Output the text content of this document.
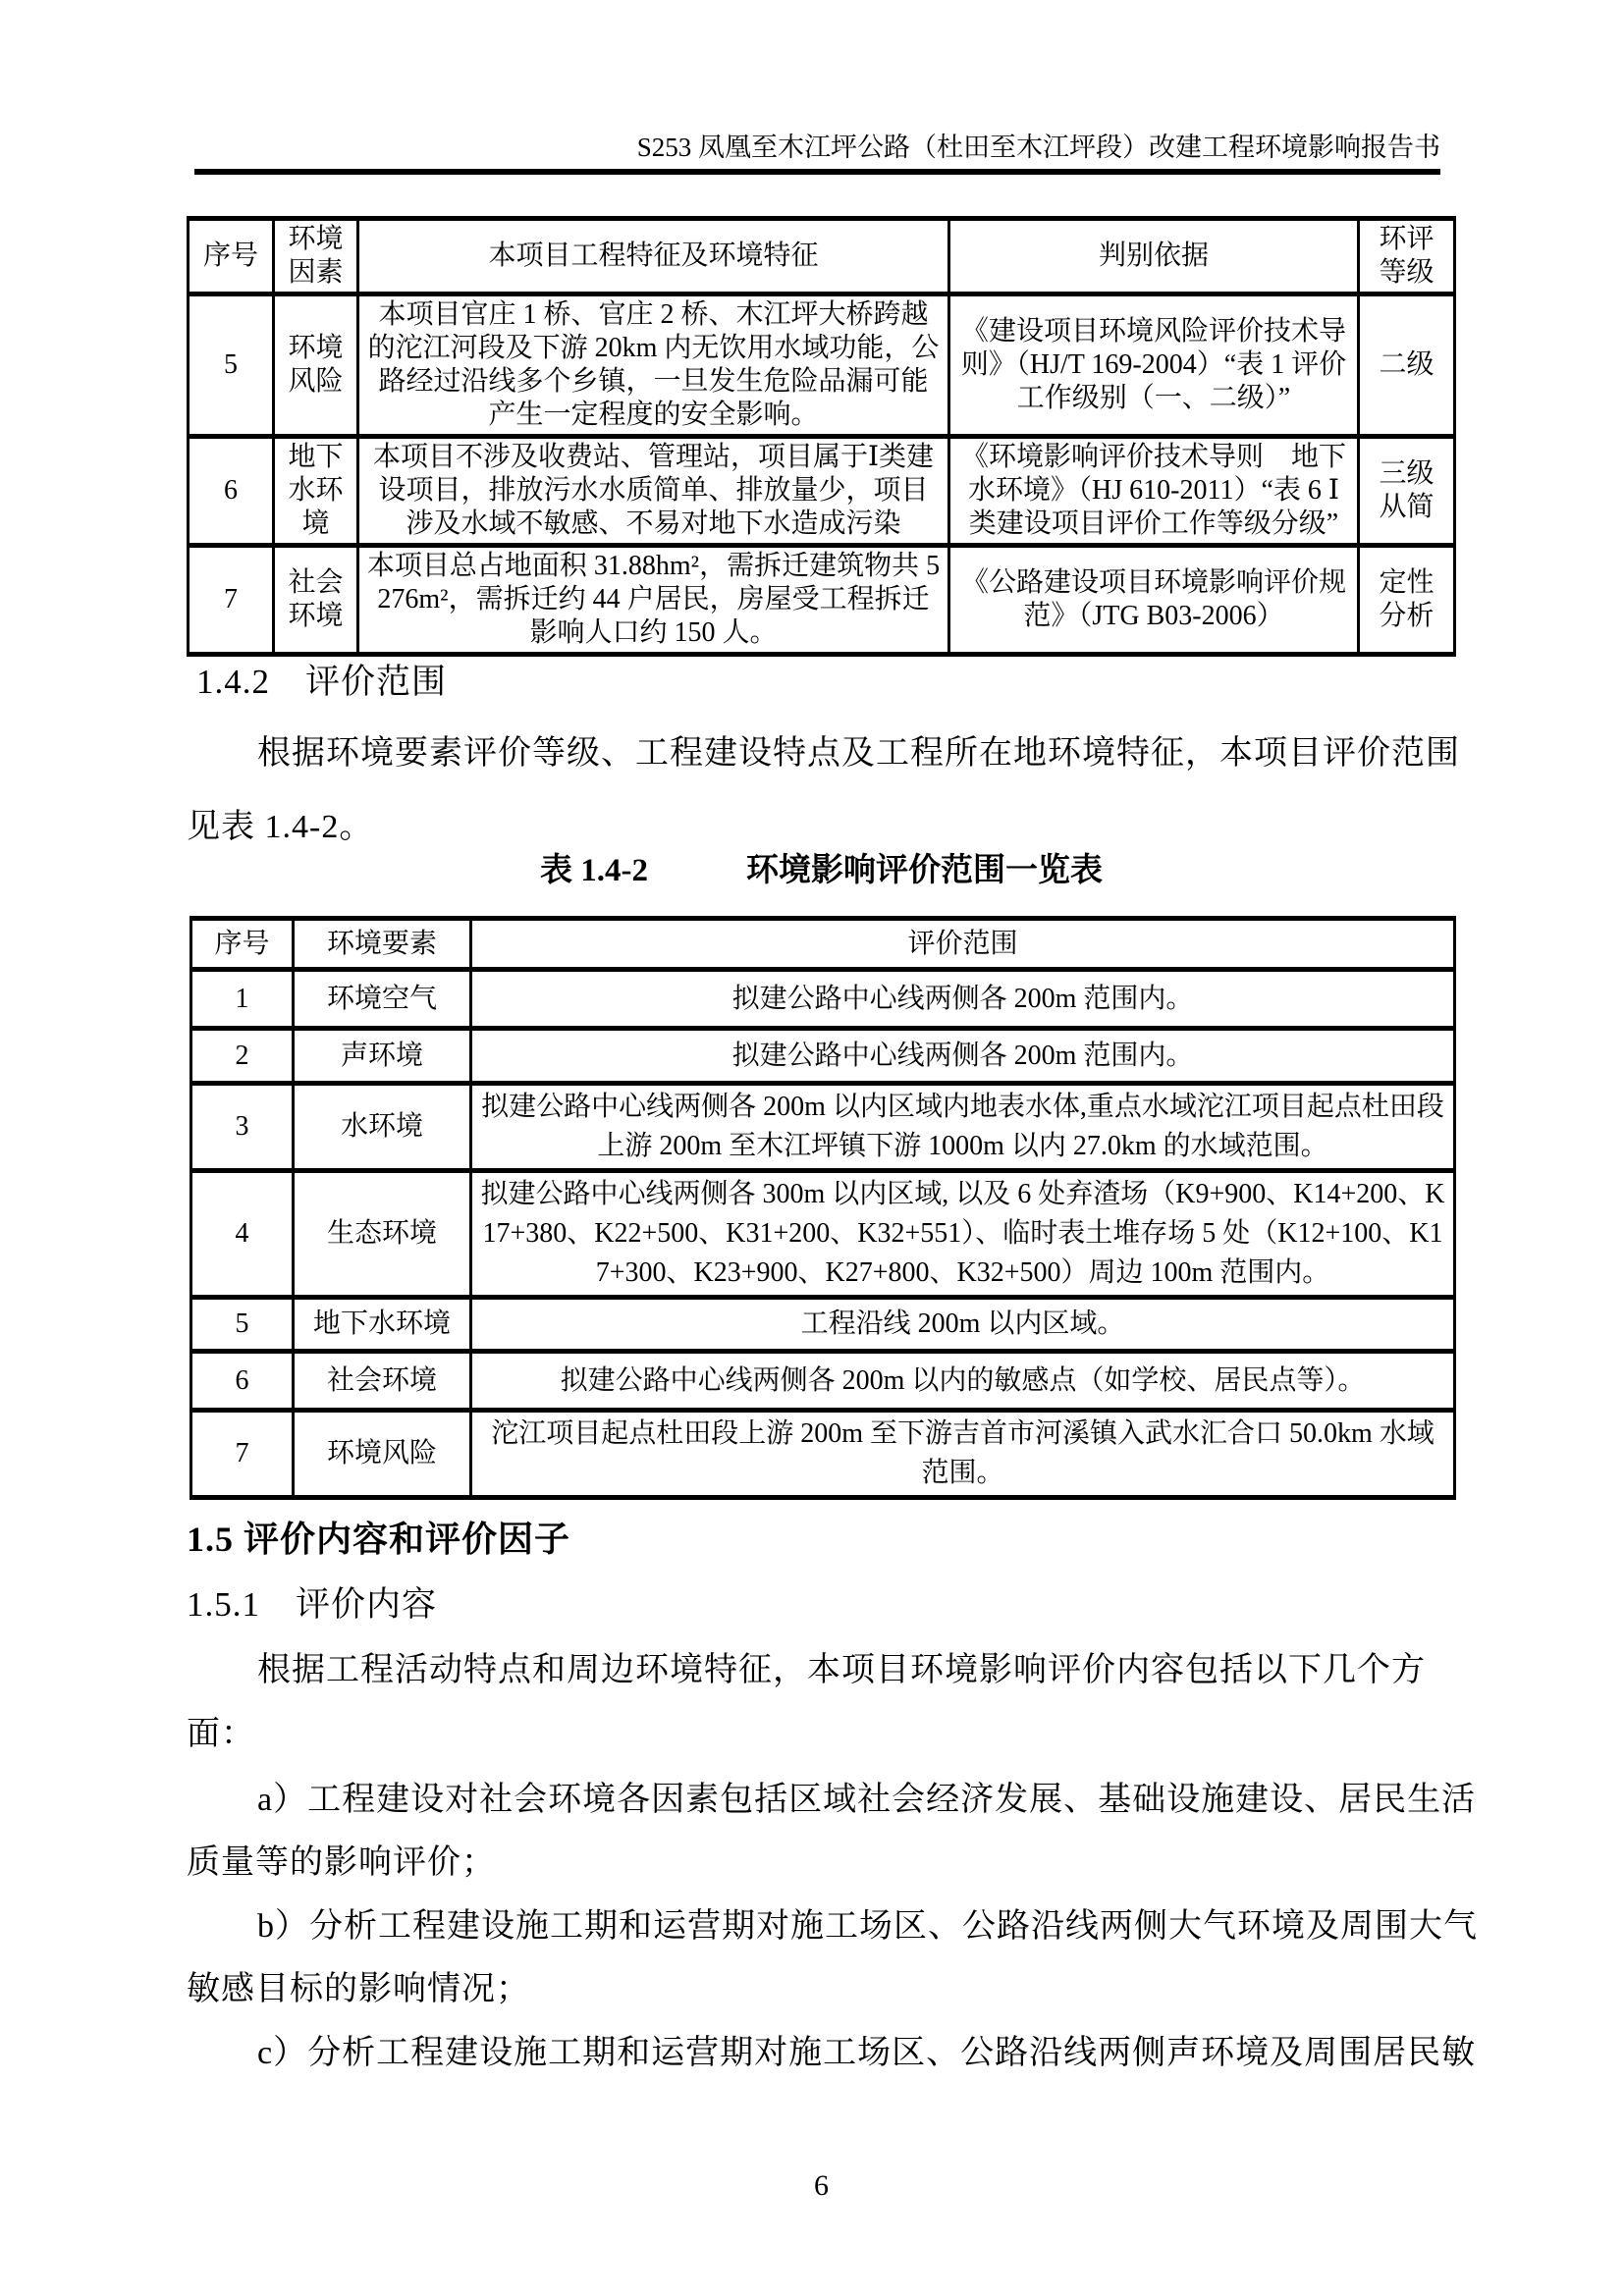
S253 凤凰至木江坪公路（杜田至木江坪段）改建工程环境影响报告书
序号	环境因素	本项目工程特征及环境特征	判别依据	环评等级
5	环境风险	本项目官庄 1 桥、官庄 2 桥、木江坪大桥跨越的沱江河段及下游 20km 内无饮用水域功能，公路经过沿线多个乡镇，一旦发生危险品漏可能产生一定程度的安全影响。	《建设项目环境风险评价技术导则》（HJ/T 169-2004）“表 1 评价工作级别（一、二级）”	二级
6	地下水环境	本项目不涉及收费站、管理站，项目属于Ⅰ类建设项目，排放污水水质简单、排放量少，项目涉及水域不敏感、不易对地下水造成污染	《环境影响评价技术导则　地下水环境》（HJ 610-2011）“表 6 Ⅰ类建设项目评价工作等级分级”	三级从简
7	社会环境	本项目总占地面积 31.88hm²，需拆迁建筑物共 5276m²，需拆迁约 44 户居民，房屋受工程拆迁影响人口约 150 人。	《公路建设项目环境影响评价规范》（JTG B03-2006）	定性分析
1.4.2　评价范围
根据环境要素评价等级、工程建设特点及工程所在地环境特征，本项目评价范围
见表 1.4-2。
表 1.4-2	环境影响评价范围一览表
序号	环境要素	评价范围
1	环境空气	拟建公路中心线两侧各 200m 范围内。
2	声环境	拟建公路中心线两侧各 200m 范围内。
3	水环境	拟建公路中心线两侧各 200m 以内区域内地表水体,重点水域沱江项目起点杜田段上游 200m 至木江坪镇下游 1000m 以内 27.0km 的水域范围。
4	生态环境	拟建公路中心线两侧各 300m 以内区域, 以及 6 处弃渣场（K9+900、K14+200、K17+380、K22+500、K31+200、K32+551）、临时表土堆存场 5 处（K12+100、K17+300、K23+900、K27+800、K32+500）周边 100m 范围内。
5	地下水环境	工程沿线 200m 以内区域。
6	社会环境	拟建公路中心线两侧各 200m 以内的敏感点（如学校、居民点等）。
7	环境风险	沱江项目起点杜田段上游 200m 至下游吉首市河溪镇入武水汇合口 50.0km 水域范围。
1.5 评价内容和评价因子
1.5.1　评价内容
根据工程活动特点和周边环境特征，本项目环境影响评价内容包括以下几个方
面：
a）工程建设对社会环境各因素包括区域社会经济发展、基础设施建设、居民生活
质量等的影响评价；
b）分析工程建设施工期和运营期对施工场区、公路沿线两侧大气环境及周围大气
敏感目标的影响情况；
c）分析工程建设施工期和运营期对施工场区、公路沿线两侧声环境及周围居民敏
6
